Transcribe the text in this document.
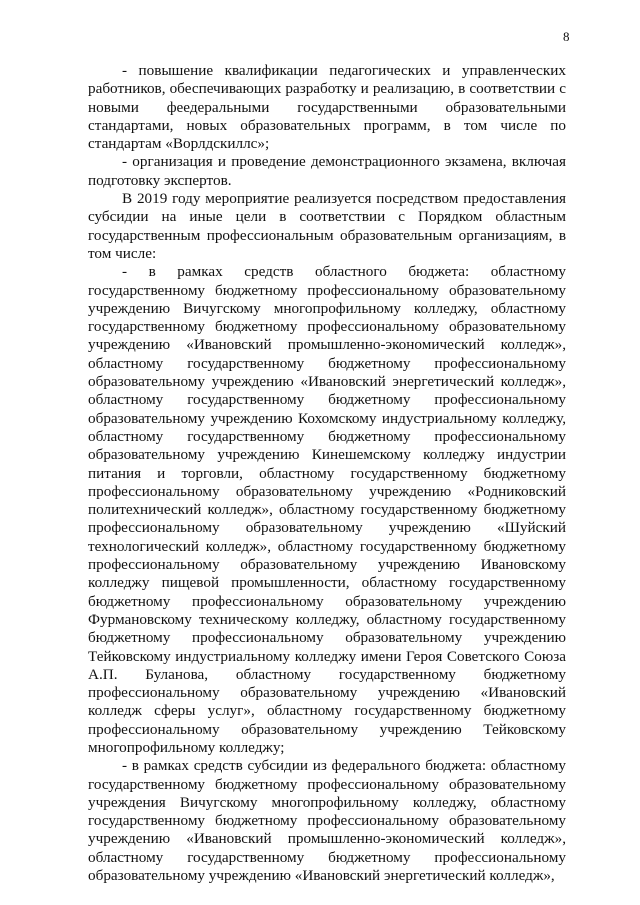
8

- повышение квалификации педагогических и управленческих работников, обеспечивающих разработку и реализацию, в соответствии с новыми феедеральными государственными образовательными стандартами, новых образовательных программ, в том числе по стандартам «Ворлдскиллс»;

- организация и проведение демонстрационного экзамена, включая подготовку экспертов.

В 2019 году мероприятие реализуется посредством предоставления субсидии на иные цели в соответствии с Порядком областным государственным профессиональным образовательным организациям, в том числе:

- в рамках средств областного бюджета: областному государственному бюджетному профессиональному образовательному учреждению Вичугскому многопрофильному колледжу, областному государственному бюджетному профессиональному образовательному учреждению «Ивановский промышленно-экономический колледж», областному государственному бюджетному профессиональному образовательному учреждению «Ивановский энергетический колледж», областному государственному бюджетному профессиональному образовательному учреждению Кохомскому индустриальному колледжу, областному государственному бюджетному профессиональному образовательному учреждению Кинешемскому колледжу индустрии питания и торговли, областному государственному бюджетному профессиональному образовательному учреждению «Родниковский политехнический колледж», областному государственному бюджетному профессиональному образовательному учреждению «Шуйский технологический колледж», областному государственному бюджетному профессиональному образовательному учреждению Ивановскому колледжу пищевой промышленности, областному государственному бюджетному профессиональному образовательному учреждению Фурмановскому техническому колледжу, областному государственному бюджетному профессиональному образовательному учреждению Тейковскому индустриальному колледжу имени Героя Советского Союза А.П. Буланова, областному государственному бюджетному профессиональному образовательному учреждению «Ивановский колледж сферы услуг», областному государственному бюджетному профессиональному образовательному учреждению Тейковскому многопрофильному колледжу;

- в рамках средств субсидии из федерального бюджета: областному государственному бюджетному профессиональному образовательному учреждения Вичугскому многопрофильному колледжу, областному государственному бюджетному профессиональному образовательному учреждению «Ивановский промышленно-экономический колледж», областному государственному бюджетному профессиональному образовательному учреждению «Ивановский энергетический колледж»,
